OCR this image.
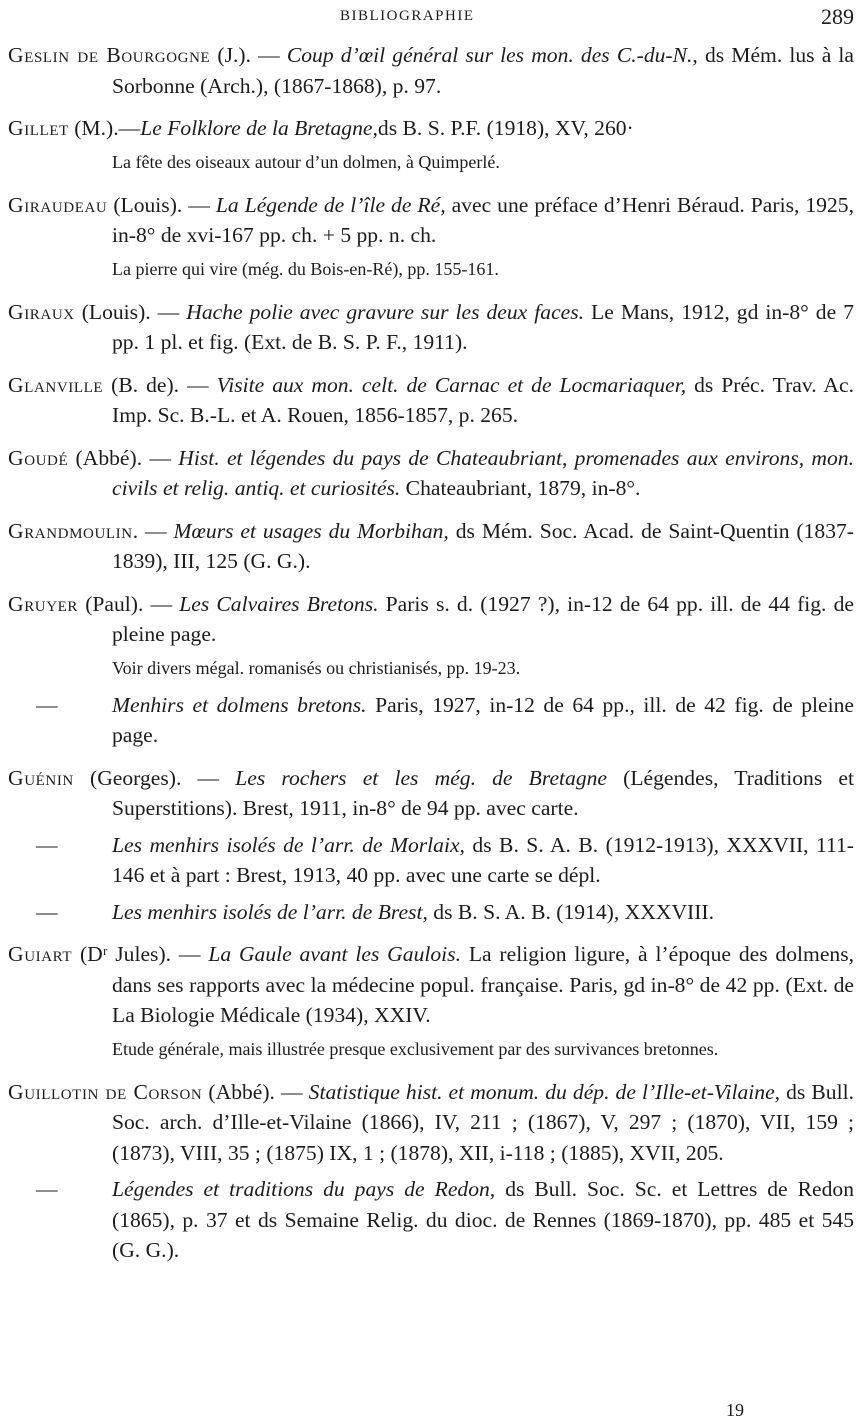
BIBLIOGRAPHIE	289

Geslin de Bourgogne (J.). — Coup d’œil général sur les mon. des C.-du-N., ds Mém. lus à la Sorbonne (Arch.), (1867-1868), p. 97.

Gillet (M.).—Le Folklore de la Bretagne,ds B. S. P.F. (1918), XV, 260·

La fête des oiseaux autour d’un dolmen, à Quimperlé.

Giraudeau (Louis). — La Légende de l’île de Ré, avec une préface d’Henri Béraud. Paris, 1925, in-8° de xvi-167 pp. ch. + 5 pp. n. ch.

La pierre qui vire (még. du Bois-en-Ré), pp. 155-161.

Giraux (Louis). — Hache polie avec gravure sur les deux faces. Le Mans, 1912, gd in-8° de 7 pp. 1 pl. et fig. (Ext. de B. S. P. F., 1911).

Glanville (B. de). — Visite aux mon. celt. de Carnac et de Locmariaquer, ds Préc. Trav. Ac. Imp. Sc. B.-L. et A. Rouen, 1856-1857, p. 265.

Goudé (Abbé). — Hist. et légendes du pays de Chateaubriant, promenades aux environs, mon. civils et relig. antiq. et curiosités. Chateaubriant, 1879, in-8°.

Grandmoulin. — Mœurs et usages du Morbihan, ds Mém. Soc. Acad. de Saint-Quentin (1837-1839), III, 125 (G. G.).

Gruyer (Paul). — Les Calvaires Bretons. Paris s. d. (1927 ?), in-12 de 64 pp. ill. de 44 fig. de pleine page.

Voir divers mégal. romanisés ou christianisés, pp. 19-23.

—	Menhirs et dolmens bretons. Paris, 1927, in-12 de 64 pp., ill. de 42 fig. de pleine page.

Guénin (Georges). — Les rochers et les még. de Bretagne (Légendes, Traditions et Superstitions). Brest, 1911, in-8° de 94 pp. avec carte.

—	Les menhirs isolés de l’arr. de Morlaix, ds B. S. A. B. (1912-1913), XXXVII, 111-146 et à part : Brest, 1913, 40 pp. avec une carte se dépl.

—	Les menhirs isolés de l’arr. de Brest, ds B. S. A. B. (1914), XXXVIII.

Guiart (Dʳ Jules). — La Gaule avant les Gaulois. La religion ligure, à l’époque des dolmens, dans ses rapports avec la médecine popul. française. Paris, gd in-8° de 42 pp. (Ext. de La Biologie Médicale (1934), XXIV.

Etude générale, mais illustrée presque exclusivement par des survivances bretonnes.

Guillotin de Corson (Abbé). — Statistique hist. et monum. du dép. de l’Ille-et-Vilaine, ds Bull. Soc. arch. d’Ille-et-Vilaine (1866), IV, 211 ; (1867), V, 297 ; (1870), VII, 159 ; (1873), VIII, 35 ; (1875) IX, 1 ; (1878), XII, i-118 ; (1885), XVII, 205.

—	Légendes et traditions du pays de Redon, ds Bull. Soc. Sc. et Lettres de Redon (1865), p. 37 et ds Semaine Relig. du dioc. de Rennes (1869-1870), pp. 485 et 545 (G. G.).

19
